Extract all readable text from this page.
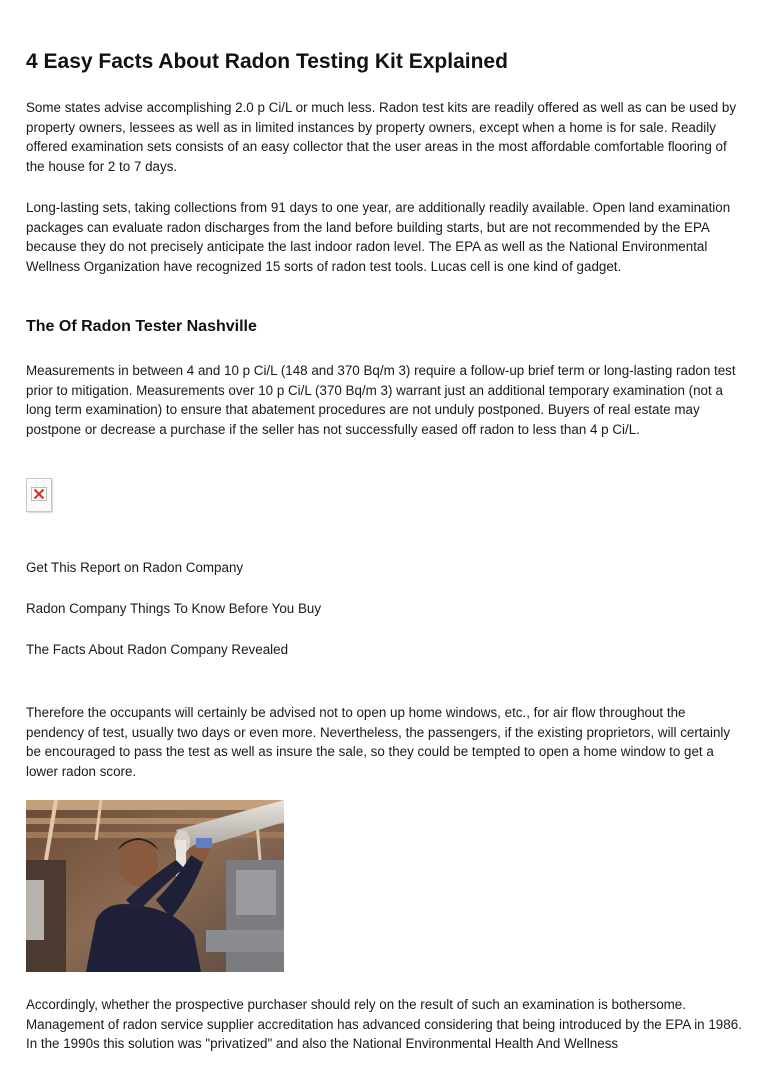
4 Easy Facts About Radon Testing Kit Explained

Some states advise accomplishing 2.0 p Ci/L or much less. Radon test kits are readily offered as well as can be used by property owners, lessees as well as in limited instances by property owners, except when a home is for sale. Readily offered examination sets consists of an easy collector that the user areas in the most affordable comfortable flooring of the house for 2 to 7 days.

Long-lasting sets, taking collections from 91 days to one year, are additionally readily available. Open land examination packages can evaluate radon discharges from the land before building starts, but are not recommended by the EPA because they do not precisely anticipate the last indoor radon level. The EPA as well as the National Environmental Wellness Organization have recognized 15 sorts of radon test tools. Lucas cell is one kind of gadget.

The Of Radon Tester Nashville

Measurements in between 4 and 10 p Ci/L (148 and 370 Bq/m 3) require a follow-up brief term or long-lasting radon test prior to mitigation. Measurements over 10 p Ci/L (370 Bq/m 3) warrant just an additional temporary examination (not a long term examination) to ensure that abatement procedures are not unduly postponed. Buyers of real estate may postpone or decrease a purchase if the seller has not successfully eased off radon to less than 4 p Ci/L.

Get This Report on Radon Company
Radon Company Things To Know Before You Buy
The Facts About Radon Company Revealed

Therefore the occupants will certainly be advised not to open up home windows, etc., for air flow throughout the pendency of test, usually two days or even more. Nevertheless, the passengers, if the existing proprietors, will certainly be encouraged to pass the test as well as insure the sale, so they could be tempted to open a home window to get a lower radon score.

Accordingly, whether the prospective purchaser should rely on the result of such an examination is bothersome. Management of radon service supplier accreditation has advanced considering that being introduced by the EPA in 1986. In the 1990s this solution was "privatized" and also the National Environmental Health And Wellness
